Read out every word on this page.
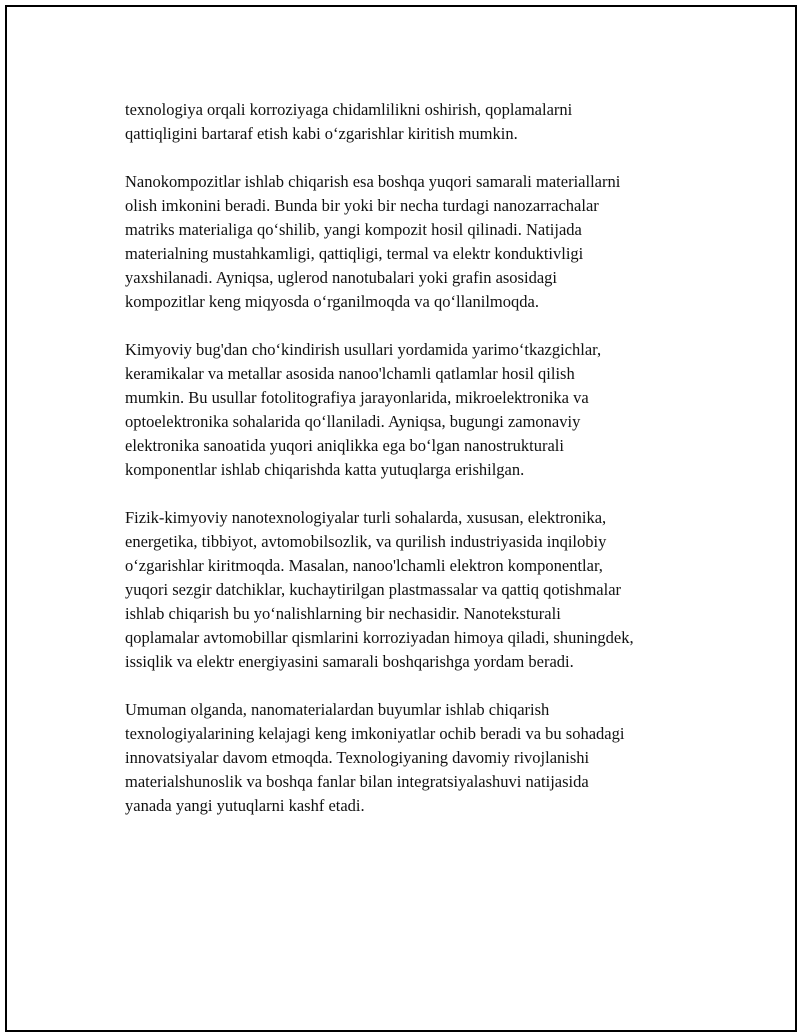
texnologiya orqali korroziyaga chidamlilikni oshirish, qoplamalarni
qattiqligini bartaraf etish kabi o‘zgarishlar kiritish mumkin.

Nanokompozitlar ishlab chiqarish esa boshqa yuqori samarali materiallarni
olish imkonini beradi. Bunda bir yoki bir necha turdagi nanozarrachalar
matriks materialiga qo‘shilib, yangi kompozit hosil qilinadi. Natijada
materialning mustahkamligi, qattiqligi, termal va elektr konduktivligi
yaxshilanadi. Ayniqsa, uglerod nanotubalari yoki grafin asosidagi
kompozitlar keng miqyosda o‘rganilmoqda va qo‘llanilmoqda.

Kimyoviy bug'dan cho‘kindirish usullari yordamida yarimo‘tkazgichlar,
keramikalar va metallar asosida nanoo'lchamli qatlamlar hosil qilish
mumkin. Bu usullar fotolitografiya jarayonlarida, mikroelektronika va
optoelektronika sohalarida qo‘llaniladi. Ayniqsa, bugungi zamonaviy
elektronika sanoatida yuqori aniqlikka ega bo‘lgan nanostrukturali
komponentlar ishlab chiqarishda katta yutuqlarga erishilgan.

Fizik-kimyoviy nanotexnologiyalar turli sohalarda, xususan, elektronika,
energetika, tibbiyot, avtomobilsozlik, va qurilish industriyasida inqilobiy
o‘zgarishlar kiritmoqda. Masalan, nanoo'lchamli elektron komponentlar,
yuqori sezgir datchiklar, kuchaytirilgan plastmassalar va qattiq qotishmalar
ishlab chiqarish bu yo‘nalishlarning bir nechasidir. Nanoteksturali
qoplamalar avtomobillar qismlarini korroziyadan himoya qiladi, shuningdek,
issiqlik va elektr energiyasini samarali boshqarishga yordam beradi.

Umuman olganda, nanomaterialardan buyumlar ishlab chiqarish
texnologiyalarining kelajagi keng imkoniyatlar ochib beradi va bu sohadagi
innovatsiyalar davom etmoqda. Texnologiyaning davomiy rivojlanishi
materialshunoslik va boshqa fanlar bilan integratsiyalashuvi natijasida
yanada yangi yutuqlarni kashf etadi.
